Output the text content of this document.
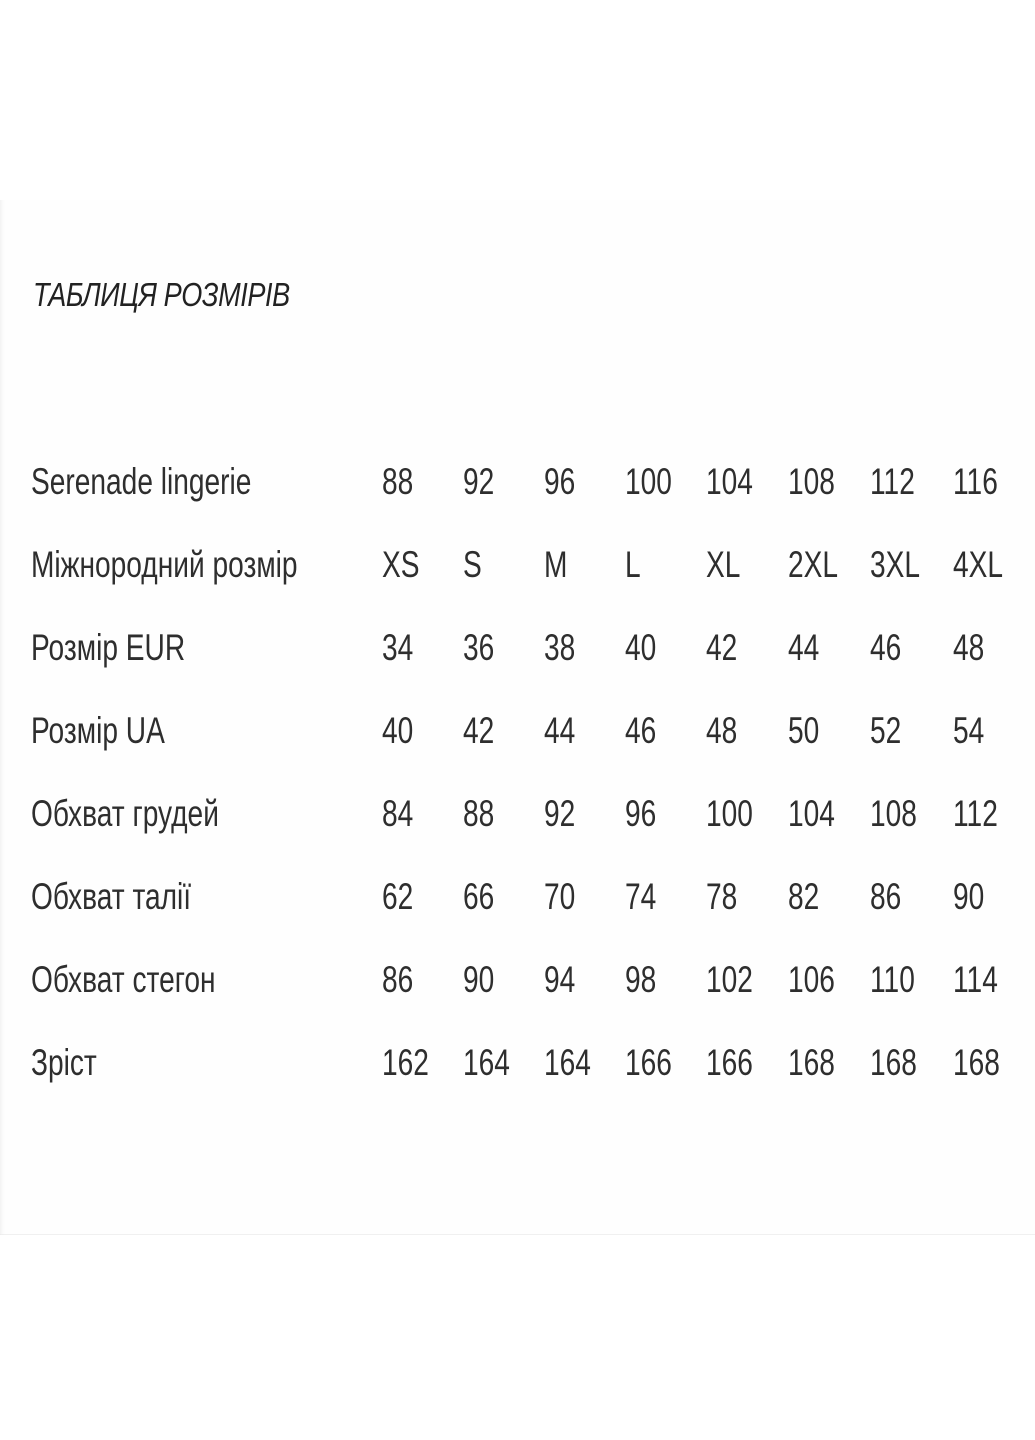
ТАБЛИЦЯ РОЗМІРІВ
Serenade lingerie	88	92	96	100	104	108	112	116
Міжнородний розмір	XS	S	M	L	XL	2XL	3XL	4XL
Розмір EUR	34	36	38	40	42	44	46	48
Розмір UA	40	42	44	46	48	50	52	54
Обхват грудей	84	88	92	96	100	104	108	112
Обхват талії	62	66	70	74	78	82	86	90
Обхват стегон	86	90	94	98	102	106	110	114
Зріст	162	164	164	166	166	168	168	168
